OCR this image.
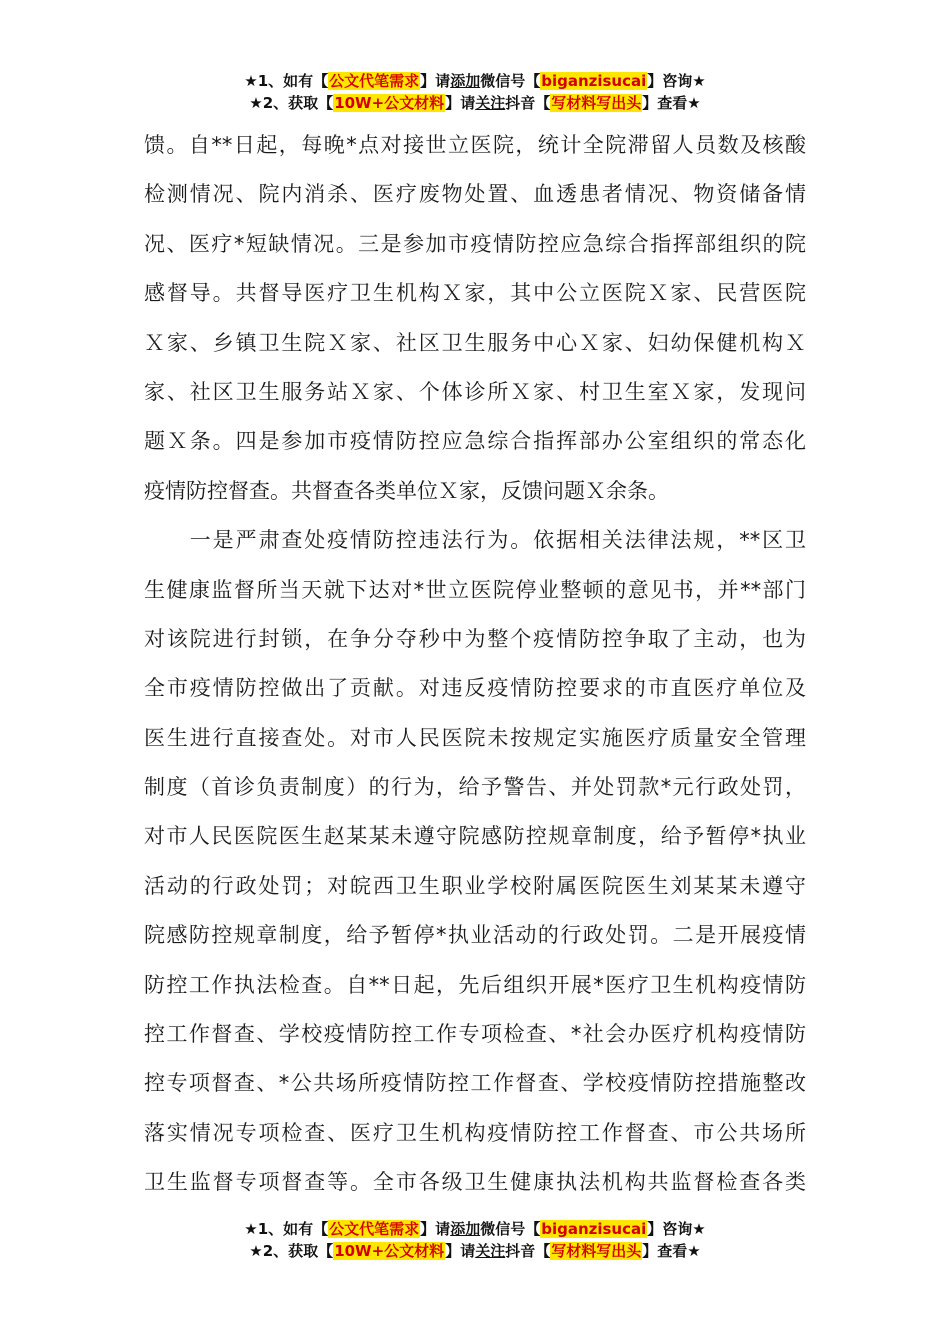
★1、如有【公文代笔需求】请添加微信号【biganzisucai】咨询★
★2、获取【10W+公文材料】请关注抖音【写材料写出头】查看★
馈。自**日起，每晚*点对接世立医院，统计全院滞留人员数及核酸
检测情况、院内消杀、医疗废物处置、血透患者情况、物资储备情
况、医疗*短缺情况。三是参加市疫情防控应急综合指挥部组织的院
感督导。共督导医疗卫生机构Ｘ家，其中公立医院Ｘ家、民营医院
Ｘ家、乡镇卫生院Ｘ家、社区卫生服务中心Ｘ家、妇幼保健机构Ｘ
家、社区卫生服务站Ｘ家、个体诊所Ｘ家、村卫生室Ｘ家，发现问
题Ｘ条。四是参加市疫情防控应急综合指挥部办公室组织的常态化
疫情防控督查。共督查各类单位Ｘ家，反馈问题Ｘ余条。
　　一是严肃查处疫情防控违法行为。依据相关法律法规，**区卫
生健康监督所当天就下达对*世立医院停业整顿的意见书，并**部门
对该院进行封锁，在争分夺秒中为整个疫情防控争取了主动，也为
全市疫情防控做出了贡献。对违反疫情防控要求的市直医疗单位及
医生进行直接查处。对市人民医院未按规定实施医疗质量安全管理
制度（首诊负责制度）的行为，给予警告、并处罚款*元行政处罚，
对市人民医院医生赵某某未遵守院感防控规章制度，给予暂停*执业
活动的行政处罚；对皖西卫生职业学校附属医院医生刘某某未遵守
院感防控规章制度，给予暂停*执业活动的行政处罚。二是开展疫情
防控工作执法检查。自**日起，先后组织开展*医疗卫生机构疫情防
控工作督查、学校疫情防控工作专项检查、*社会办医疗机构疫情防
控专项督查、*公共场所疫情防控工作督查、学校疫情防控措施整改
落实情况专项检查、医疗卫生机构疫情防控工作督查、市公共场所
卫生监督专项督查等。全市各级卫生健康执法机构共监督检查各类
★1、如有【公文代笔需求】请添加微信号【biganzisucai】咨询★
★2、获取【10W+公文材料】请关注抖音【写材料写出头】查看★
